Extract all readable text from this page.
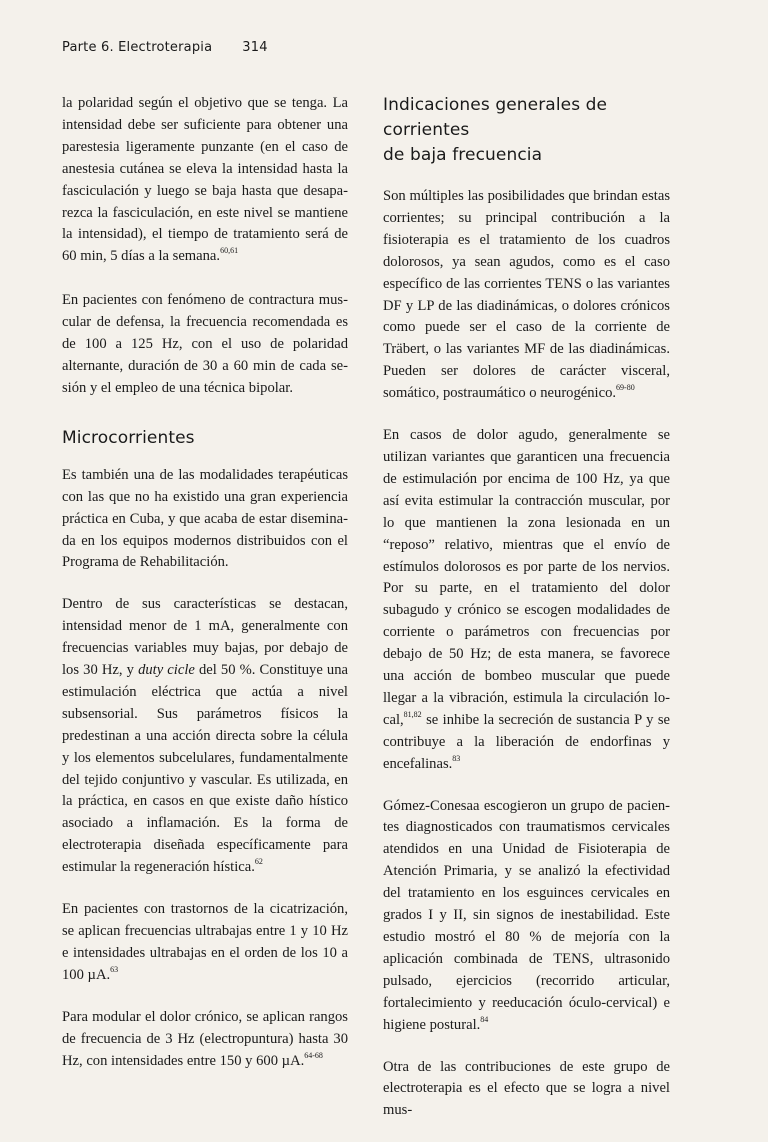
Parte 6. Electroterapia 314

la polaridad según el objetivo que se tenga. La intensidad debe ser suficiente para obtener una parestesia ligeramente punzante (en el caso de anestesia cutánea se eleva la intensidad hasta la fasciculación y luego se baja hasta que desaparezca la fasciculación, en este nivel se mantiene la intensidad), el tiempo de tratamiento será de 60 min, 5 días a la semana.$^{60,61}$

En pacientes con fenómeno de contractura muscular de defensa, la frecuencia recomendada es de 100 a 125 Hz, con el uso de polaridad alternante, duración de 30 a 60 min de cada sesión y el empleo de una técnica bipolar.

Microcorrientes

Es también una de las modalidades terapéuticas con las que no ha existido una gran experiencia práctica en Cuba, y que acaba de estar diseminada en los equipos modernos distribuidos con el Programa de Rehabilitación.

Dentro de sus características se destacan, intensidad menor de 1 mA, generalmente con frecuencias variables muy bajas, por debajo de los 30 Hz, y duty cicle del 50 %. Constituye una estimulación eléctrica que actúa a nivel subsensorial. Sus parámetros físicos la predestinan a una acción directa sobre la célula y los elementos subcelulares, fundamentalmente del tejido conjuntivo y vascular. Es utilizada, en la práctica, en casos en que existe daño hístico asociado a inflamación. Es la forma de electroterapia diseñada específicamente para estimular la regeneración hística.$^{62}$

En pacientes con trastornos de la cicatrización, se aplican frecuencias ultrabajas entre 1 y 10 Hz e intensidades ultrabajas en el orden de los 10 a 100 µA.$^{63}$

Para modular el dolor crónico, se aplican rangos de frecuencia de 3 Hz (electropuntura) hasta 30 Hz, con intensidades entre 150 y 600 µA.$^{64-68}$

Indicaciones generales de corrientes
de baja frecuencia

Son múltiples las posibilidades que brindan estas corrientes; su principal contribución a la fisioterapia es el tratamiento de los cuadros dolorosos, ya sean agudos, como es el caso específico de las corrientes TENS o las variantes DF y LP de las diadinámicas, o dolores crónicos como puede ser el caso de la corriente de Träbert, o las variantes MF de las diadinámicas. Pueden ser dolores de carácter visceral, somático, postraumático o neurogénico.$^{69-80}$

En casos de dolor agudo, generalmente se utilizan variantes que garanticen una frecuencia de estimulación por encima de 100 Hz, ya que así evita estimular la contracción muscular, por lo que mantienen la zona lesionada en un “reposo” relativo, mientras que el envío de estímulos dolorosos es por parte de los nervios. Por su parte, en el tratamiento del dolor subagudo y crónico se escogen modalidades de corriente o parámetros con frecuencias por debajo de 50 Hz; de esta manera, se favorece una acción de bombeo muscular que puede llegar a la vibración, estimula la circulación local,$^{81,82}$ se inhibe la secreción de sustancia P y se contribuye a la liberación de endorfinas y encefalinas.$^{83}$

Gómez-Conesaa escogieron un grupo de pacientes diagnosticados con traumatismos cervicales atendidos en una Unidad de Fisioterapia de Atención Primaria, y se analizó la efectividad del tratamiento en los esguinces cervicales en grados I y II, sin signos de inestabilidad. Este estudio mostró el 80 % de mejoría con la aplicación combinada de TENS, ultrasonido pulsado, ejercicios (recorrido articular, fortalecimiento y reeducación óculo-cervical) e higiene postural.$^{84}$

Otra de las contribuciones de este grupo de electroterapia es el efecto que se logra a nivel mus-
